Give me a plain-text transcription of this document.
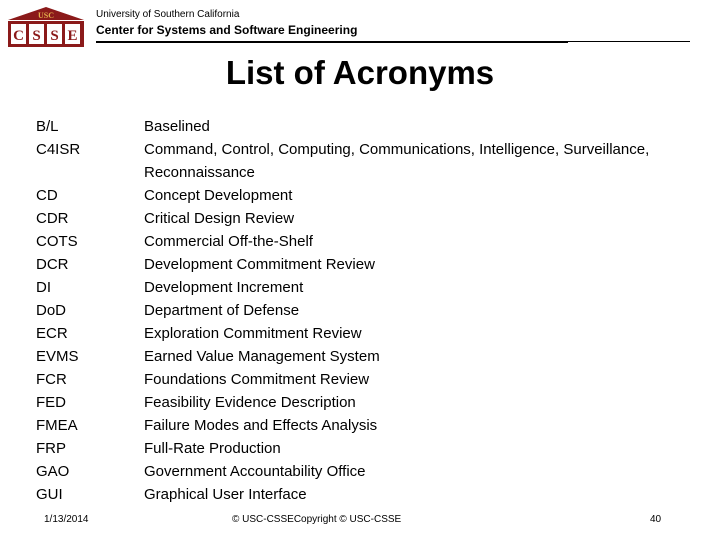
USC
C S S E
University of Southern California
Center for Systems and Software Engineering
List of Acronyms
B/L	Baselined
C4ISR	Command, Control, Computing, Communications, Intelligence, Surveillance, Reconnaissance
CD	Concept Development
CDR	Critical Design Review
COTS	Commercial Off-the-Shelf
DCR	Development Commitment Review
DI	Development Increment
DoD	Department of Defense
ECR	Exploration Commitment Review
EVMS	Earned Value Management System
FCR	Foundations Commitment Review
FED	Feasibility Evidence Description
FMEA	Failure Modes and Effects Analysis
FRP	Full-Rate Production
GAO	Government Accountability Office
GUI	Graphical User Interface
1/13/2014	© USC-CSSECopyright © USC-CSSE	40
